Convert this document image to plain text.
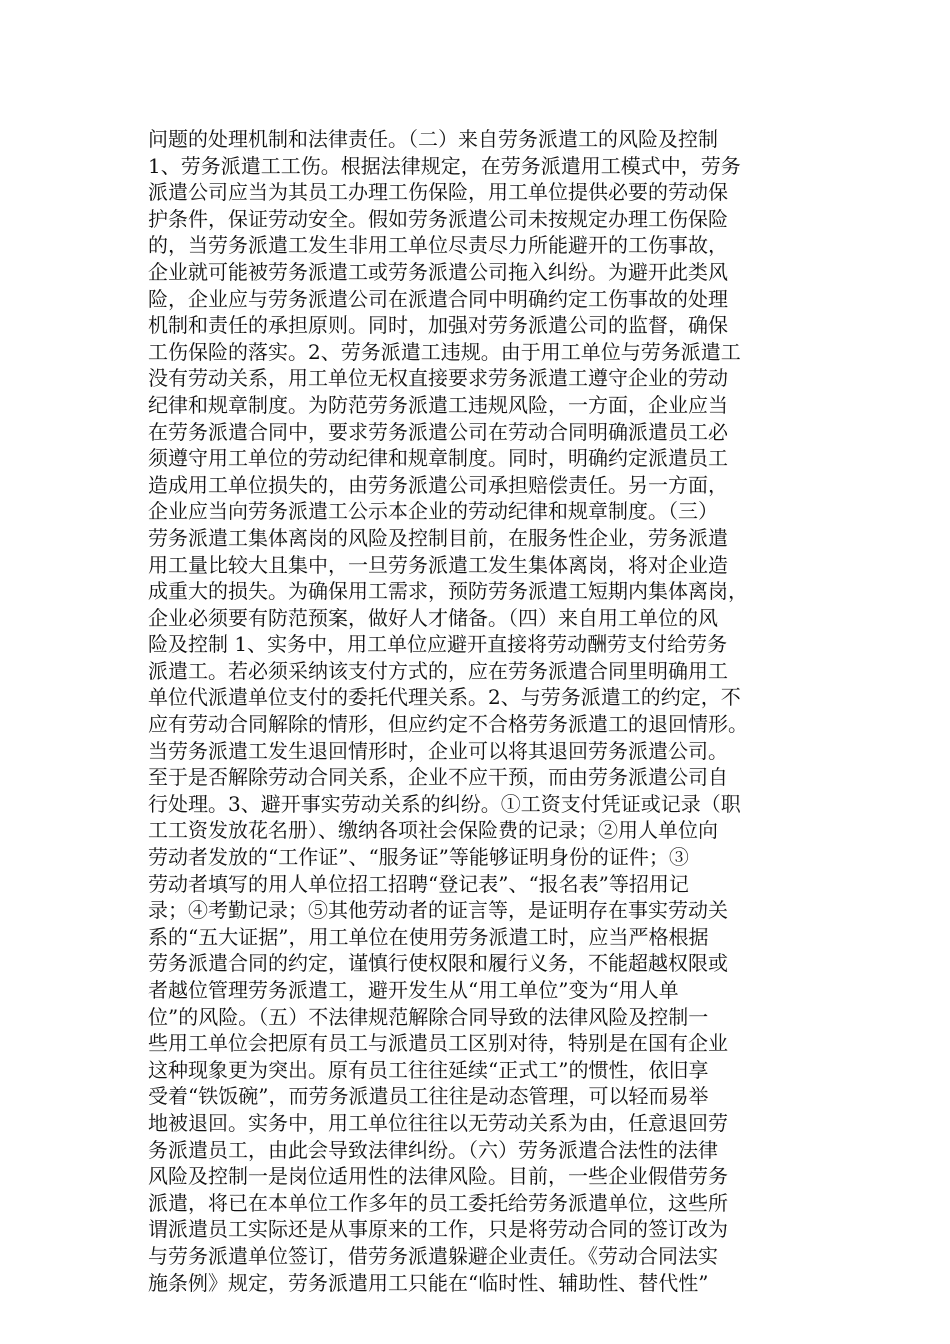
问题的处理机制和法律责任。（二）来自劳务派遣工的风险及控制
1、劳务派遣工工伤。根据法律规定，在劳务派遣用工模式中，劳务
派遣公司应当为其员工办理工伤保险，用工单位提供必要的劳动保
护条件，保证劳动安全。假如劳务派遣公司未按规定办理工伤保险
的，当劳务派遣工发生非用工单位尽责尽力所能避开的工伤事故，
企业就可能被劳务派遣工或劳务派遣公司拖入纠纷。为避开此类风
险，企业应与劳务派遣公司在派遣合同中明确约定工伤事故的处理
机制和责任的承担原则。同时，加强对劳务派遣公司的监督，确保
工伤保险的落实。2、劳务派遣工违规。由于用工单位与劳务派遣工
没有劳动关系，用工单位无权直接要求劳务派遣工遵守企业的劳动
纪律和规章制度。为防范劳务派遣工违规风险，一方面，企业应当
在劳务派遣合同中，要求劳务派遣公司在劳动合同明确派遣员工必
须遵守用工单位的劳动纪律和规章制度。同时，明确约定派遣员工
造成用工单位损失的，由劳务派遣公司承担赔偿责任。另一方面，
企业应当向劳务派遣工公示本企业的劳动纪律和规章制度。（三）
劳务派遣工集体离岗的风险及控制目前，在服务性企业，劳务派遣
用工量比较大且集中，一旦劳务派遣工发生集体离岗，将对企业造
成重大的损失。为确保用工需求，预防劳务派遣工短期内集体离岗，
企业必须要有防范预案，做好人才储备。（四）来自用工单位的风
险及控制 1、实务中，用工单位应避开直接将劳动酬劳支付给劳务
派遣工。若必须采纳该支付方式的，应在劳务派遣合同里明确用工
单位代派遣单位支付的委托代理关系。2、与劳务派遣工的约定，不
应有劳动合同解除的情形，但应约定不合格劳务派遣工的退回情形。
当劳务派遣工发生退回情形时，企业可以将其退回劳务派遣公司。
至于是否解除劳动合同关系，企业不应干预，而由劳务派遣公司自
行处理。3、避开事实劳动关系的纠纷。①工资支付凭证或记录（职
工工资发放花名册）、缴纳各项社会保险费的记录；②用人单位向
劳动者发放的“工作证”、“服务证”等能够证明身份的证件；③
劳动者填写的用人单位招工招聘“登记表”、“报名表”等招用记
录；④考勤记录；⑤其他劳动者的证言等，是证明存在事实劳动关
系的“五大证据”，用工单位在使用劳务派遣工时，应当严格根据
劳务派遣合同的约定，谨慎行使权限和履行义务，不能超越权限或
者越位管理劳务派遣工，避开发生从“用工单位”变为“用人单
位”的风险。（五）不法律规范解除合同导致的法律风险及控制一
些用工单位会把原有员工与派遣员工区别对待，特别是在国有企业
这种现象更为突出。原有员工往往延续“正式工”的惯性，依旧享
受着“铁饭碗”，而劳务派遣员工往往是动态管理，可以轻而易举
地被退回。实务中，用工单位往往以无劳动关系为由，任意退回劳
务派遣员工，由此会导致法律纠纷。（六）劳务派遣合法性的法律
风险及控制一是岗位适用性的法律风险。目前，一些企业假借劳务
派遣，将已在本单位工作多年的员工委托给劳务派遣单位，这些所
谓派遣员工实际还是从事原来的工作，只是将劳动合同的签订改为
与劳务派遣单位签订，借劳务派遣躲避企业责任。《劳动合同法实
施条例》规定，劳务派遣用工只能在“临时性、辅助性、替代性”
